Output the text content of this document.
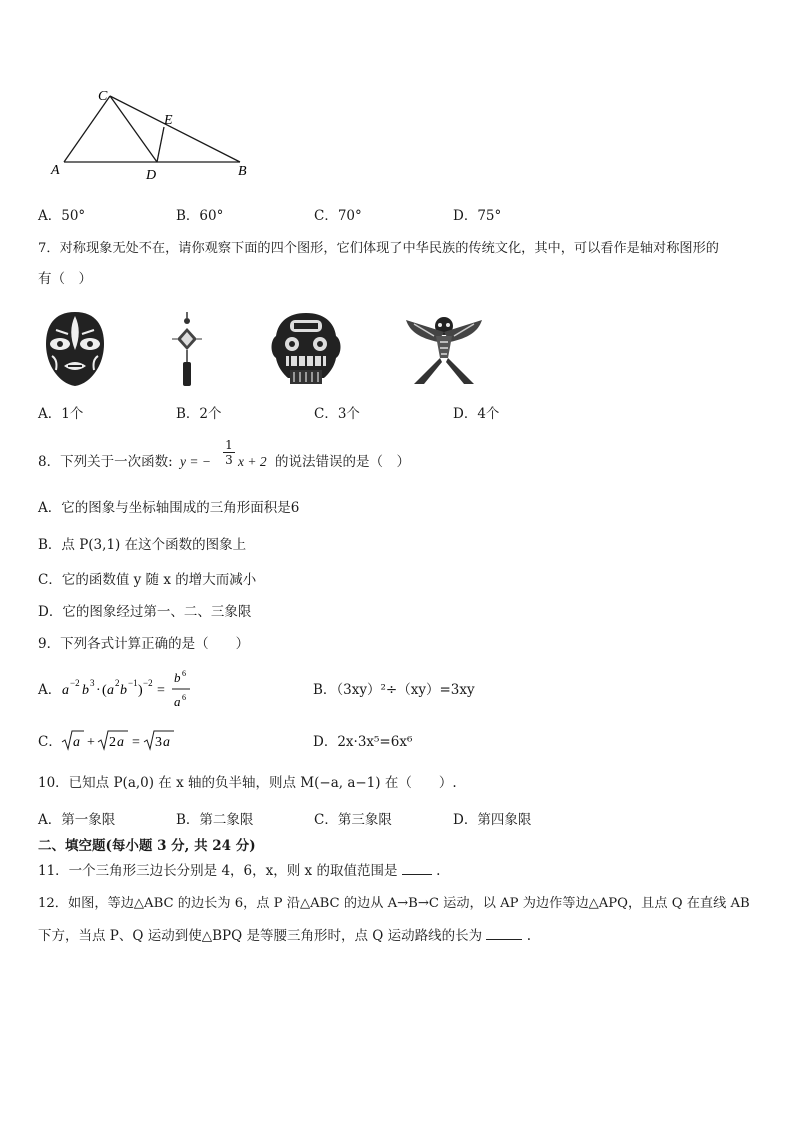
C
E
A	D	B
A．50°	B．60°	C．70°	D．75°
7．对称现象无处不在，请你观察下面的四个图形，它们体现了中华民族的传统文化，其中，可以看作是轴对称图形的
有（　）
A．1个	B．2个	C．3个	D．4个
8．下列关于一次函数: y = − $\frac{1}{3}$ x + 2 的说法错误的是（　）
A．它的图象与坐标轴围成的三角形面积是6
B．点 P(3,1) 在这个函数的图象上
C．它的函数值 y 随 x 的增大而减小
D．它的图象经过第一、二、三象限
9．下列各式计算正确的是（　　）
A． a −2 b 3 · ( a 2 b −1 ) −2 =
b 6
a 6	B．（3xy）²÷（xy）=3xy
C． a + 2 a = 3 a	D．2x·3x⁵=6x⁶
10．已知点 P(a,0) 在 x 轴的负半轴，则点 M(−a, a−1) 在（　　）.
A．第一象限	B．第二象限	C．第三象限	D．第四象限
二、填空题(每小题 3 分, 共 24 分)
11．一个三角形三边长分别是 4，6，x，则 x 的取值范围是	.
12．如图，等边△ABC 的边长为 6，点 P 沿△ABC 的边从 A→B→C 运动，以 AP 为边作等边△APQ，且点 Q 在直线 AB
下方，当点 P、Q 运动到使△BPQ 是等腰三角形时，点 Q 运动路线的长为	.
